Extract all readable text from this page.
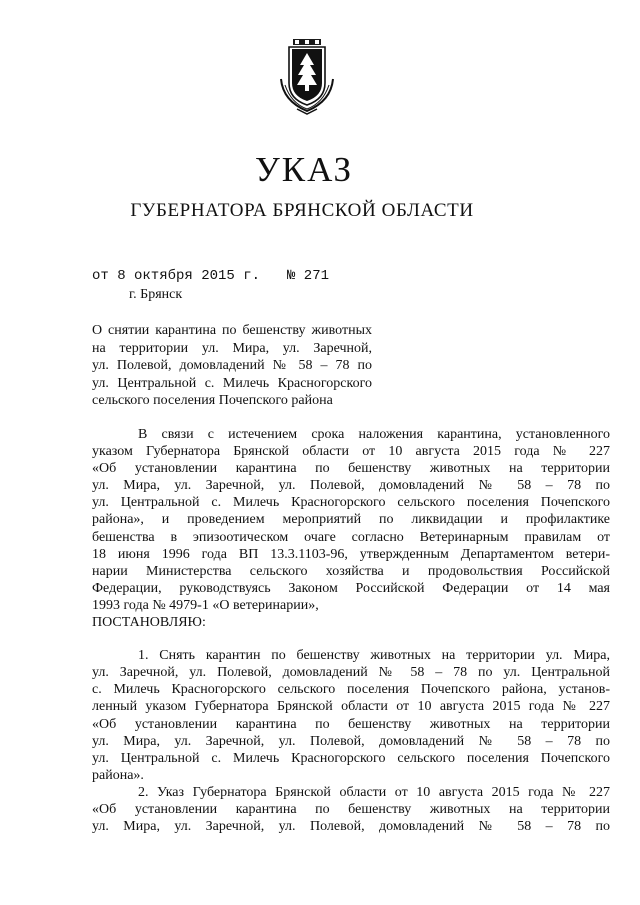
УКАЗ
ГУБЕРНАТОРА БРЯНСКОЙ ОБЛАСТИ
от 8 октября 2015 г. № 271
г. Брянск

О снятии карантина по бешенству животных

на территории ул. Мира, ул. Заречной,

ул. Полевой, домовладений № 58 – 78 по

ул. Центральной с. Милечь Красногорского

сельского поселения Почепского района

В связи с истечением срока наложения карантина, установленного

указом Губернатора Брянской области от 10 августа 2015 года № 227

«Об установлении карантина по бешенству животных на территории

ул. Мира, ул. Заречной, ул. Полевой, домовладений № 58 – 78 по

ул. Центральной с. Милечь Красногорского сельского поселения Почепского

района», и проведением мероприятий по ликвидации и профилактике

бешенства в эпизоотическом очаге согласно Ветеринарным правилам от

18 июня 1996 года ВП 13.3.1103-96, утвержденным Департаментом ветери-

нарии Министерства сельского хозяйства и продовольствия Российской

Федерации, руководствуясь Законом Российской Федерации от 14 мая

1993 года № 4979-1 «О ветеринарии»,

ПОСТАНОВЛЯЮ:

1. Снять карантин по бешенству животных на территории ул. Мира,

ул. Заречной, ул. Полевой, домовладений № 58 – 78 по ул. Центральной

с. Милечь Красногорского сельского поселения Почепского района, установ-

ленный указом Губернатора Брянской области от 10 августа 2015 года № 227

«Об установлении карантина по бешенству животных на территории

ул. Мира, ул. Заречной, ул. Полевой, домовладений № 58 – 78 по

ул. Центральной с. Милечь Красногорского сельского поселения Почепского

района».

2. Указ Губернатора Брянской области от 10 августа 2015 года № 227

«Об установлении карантина по бешенству животных на территории

ул. Мира, ул. Заречной, ул. Полевой, домовладений № 58 – 78 по
